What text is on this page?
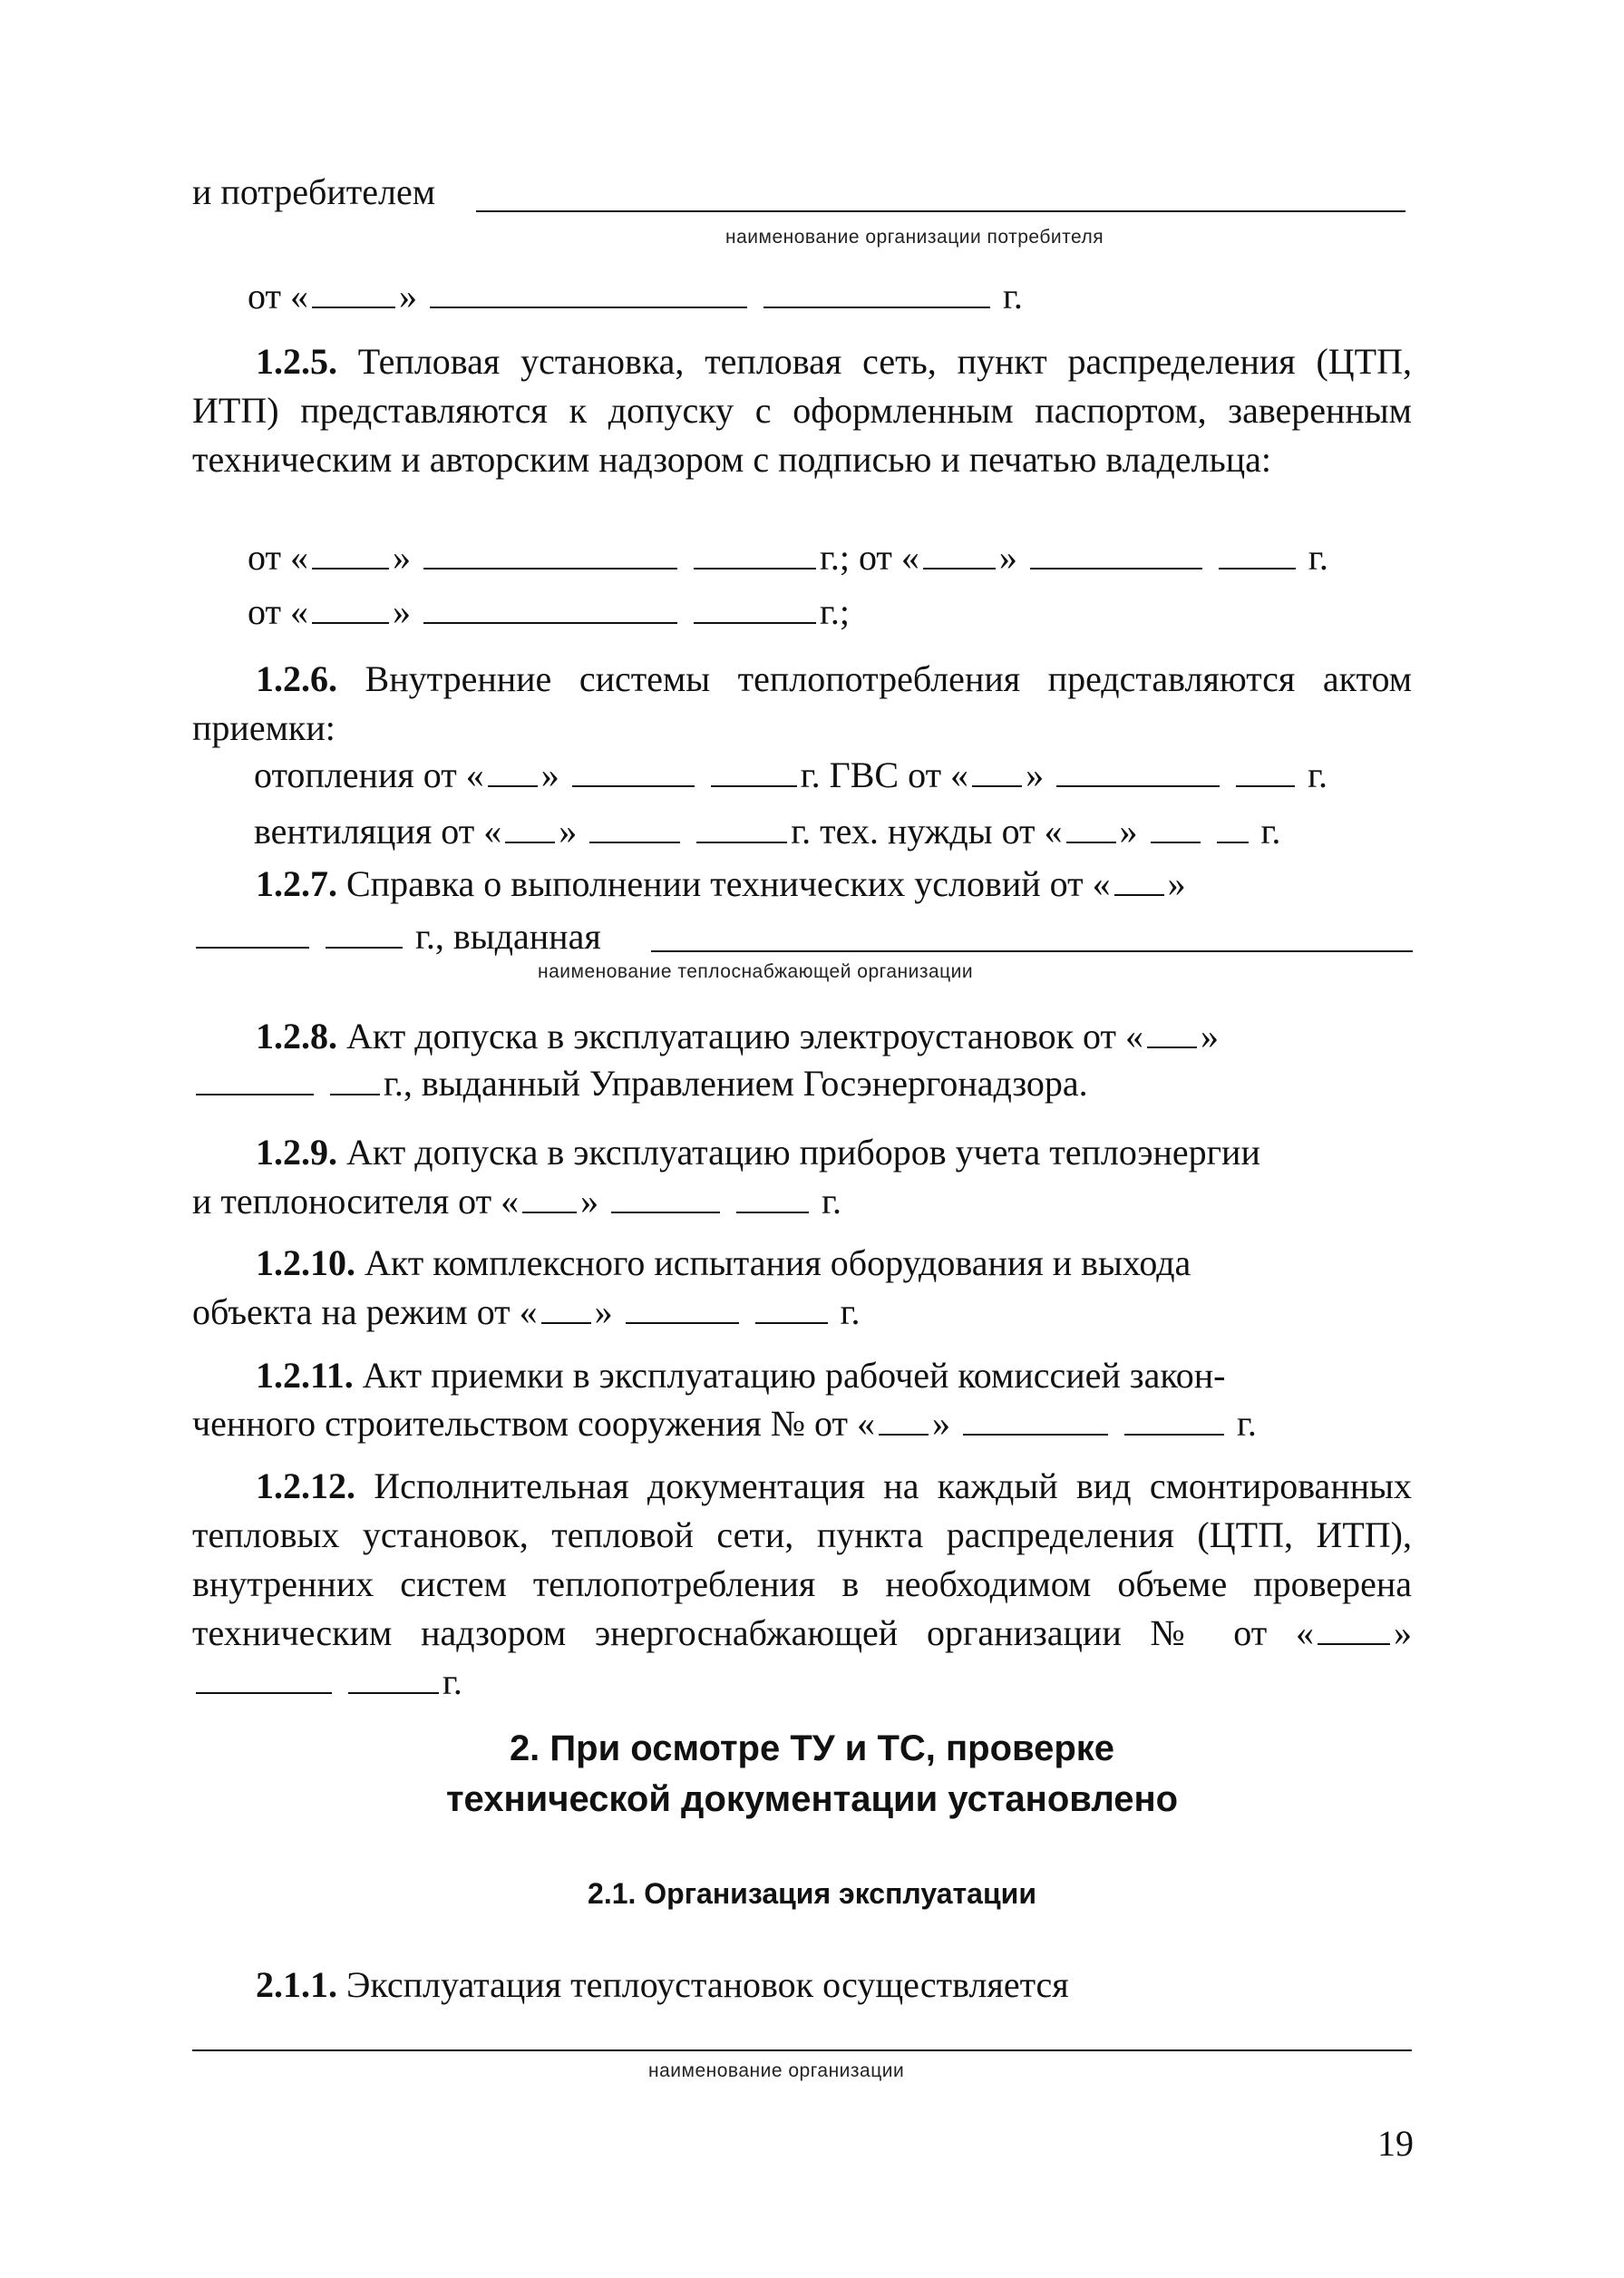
и потребителем
наименование организации потребителя
от «	»	г.
1.2.5. Тепловая установка, тепловая сеть, пункт распределения (ЦТП, ИТП) представляются к допуску с оформленным паспортом, заверенным техническим и авторским надзором с подписью и печатью владельца:
от « »	г.; от « »	г.
от « »	г.;
1.2.6. Внутренние системы теплопотребления представляются актом приемки:
отопления от « »	г. ГВС от « »	г.
вентиляция от « »	г. тех. нужды от « »	г.
1.2.7. Справка о выполнении технических условий от « »
г., выданная
наименование теплоснабжающей организации
1.2.8. Акт допуска в эксплуатацию электроустановок от « »
г., выданный Управлением Госэнергонадзора.
1.2.9. Акт допуска в эксплуатацию приборов учета теплоэнергии
и теплоносителя от « »	г.
1.2.10. Акт комплексного испытания оборудования и выхода
объекта на режим от « »	г.
1.2.11. Акт приемки в эксплуатацию рабочей комиссией закон-
ченного строительством сооружения № от « »	г.
1.2.12. Исполнительная документация на каждый вид смонтированных тепловых установок, тепловой сети, пункта распределения (ЦТП, ИТП), внутренних систем теплопотребления в необходимом объеме проверена техническим надзором энергоснабжающей организации № от « »  г.
2. При осмотре ТУ и ТС, проверке
технической документации установлено
2.1. Организация эксплуатации
2.1.1. Эксплуатация теплоустановок осуществляется
наименование организации
19
